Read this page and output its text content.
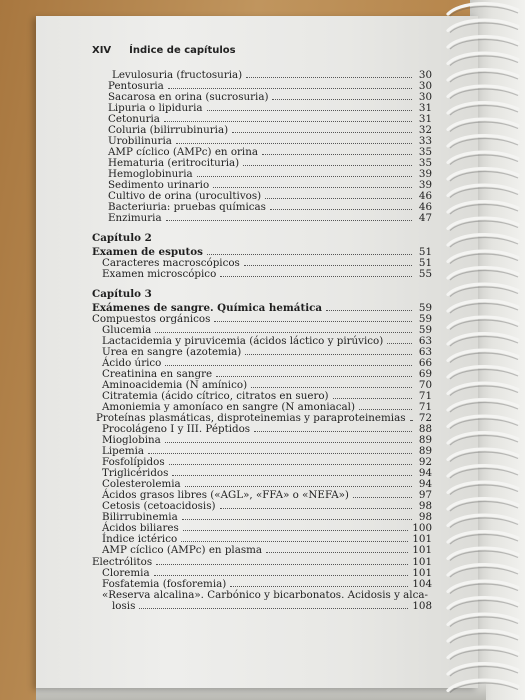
XIV Índice de capítulos
Levulosuria (fructosuria)	30
Pentosuria	30
Sacarosa en orina (sucrosuria)	30
Lipuria o lipiduria	31
Cetonuria	31
Coluria (bilirrubinuria)	32
Urobilinuria	33
AMP cíclico (AMPc) en orina	35
Hematuria (eritrocituria)	35
Hemoglobinuria	39
Sedimento urinario	39
Cultivo de orina (urocultivos)	46
Bacteriuria: pruebas químicas	46
Enzimuria	47
Capítulo 2
Examen de esputos	51
Caracteres macroscópicos	51
Examen microscópico	55
Capítulo 3
Exámenes de sangre. Química hemática	59
Compuestos orgánicos	59
Glucemia	59
Lactacidemia y piruvicemia (ácidos láctico y pirúvico)	63
Urea en sangre (azotemia)	63
Ácido úrico	66
Creatinina en sangre	69
Aminoacidemia (N amínico)	70
Citratemia (ácido cítrico, citratos en suero)	71
Amoniemia y amoníaco en sangre (N amoniacal)	71
Proteínas plasmáticas, disproteinemias y paraproteinemias 72
Procolágeno I y III. Péptidos	88
Mioglobina	89
Lipemia	89
Fosfolípidos	92
Triglicéridos	94
Colesterolemia	94
Ácidos grasos libres («AGL», «FFA» o «NEFA»)	97
Cetosis (cetoacidosis)	98
Bilirrubinemia	98
Ácidos biliares	100
Índice ictérico	101
AMP cíclico (AMPc) en plasma	101
Electrólitos	101
Cloremia	101
Fosfatemia (fosforemia)	104
«Reserva alcalina». Carbónico y bicarbonatos. Acidosis y alca-
losis	108
